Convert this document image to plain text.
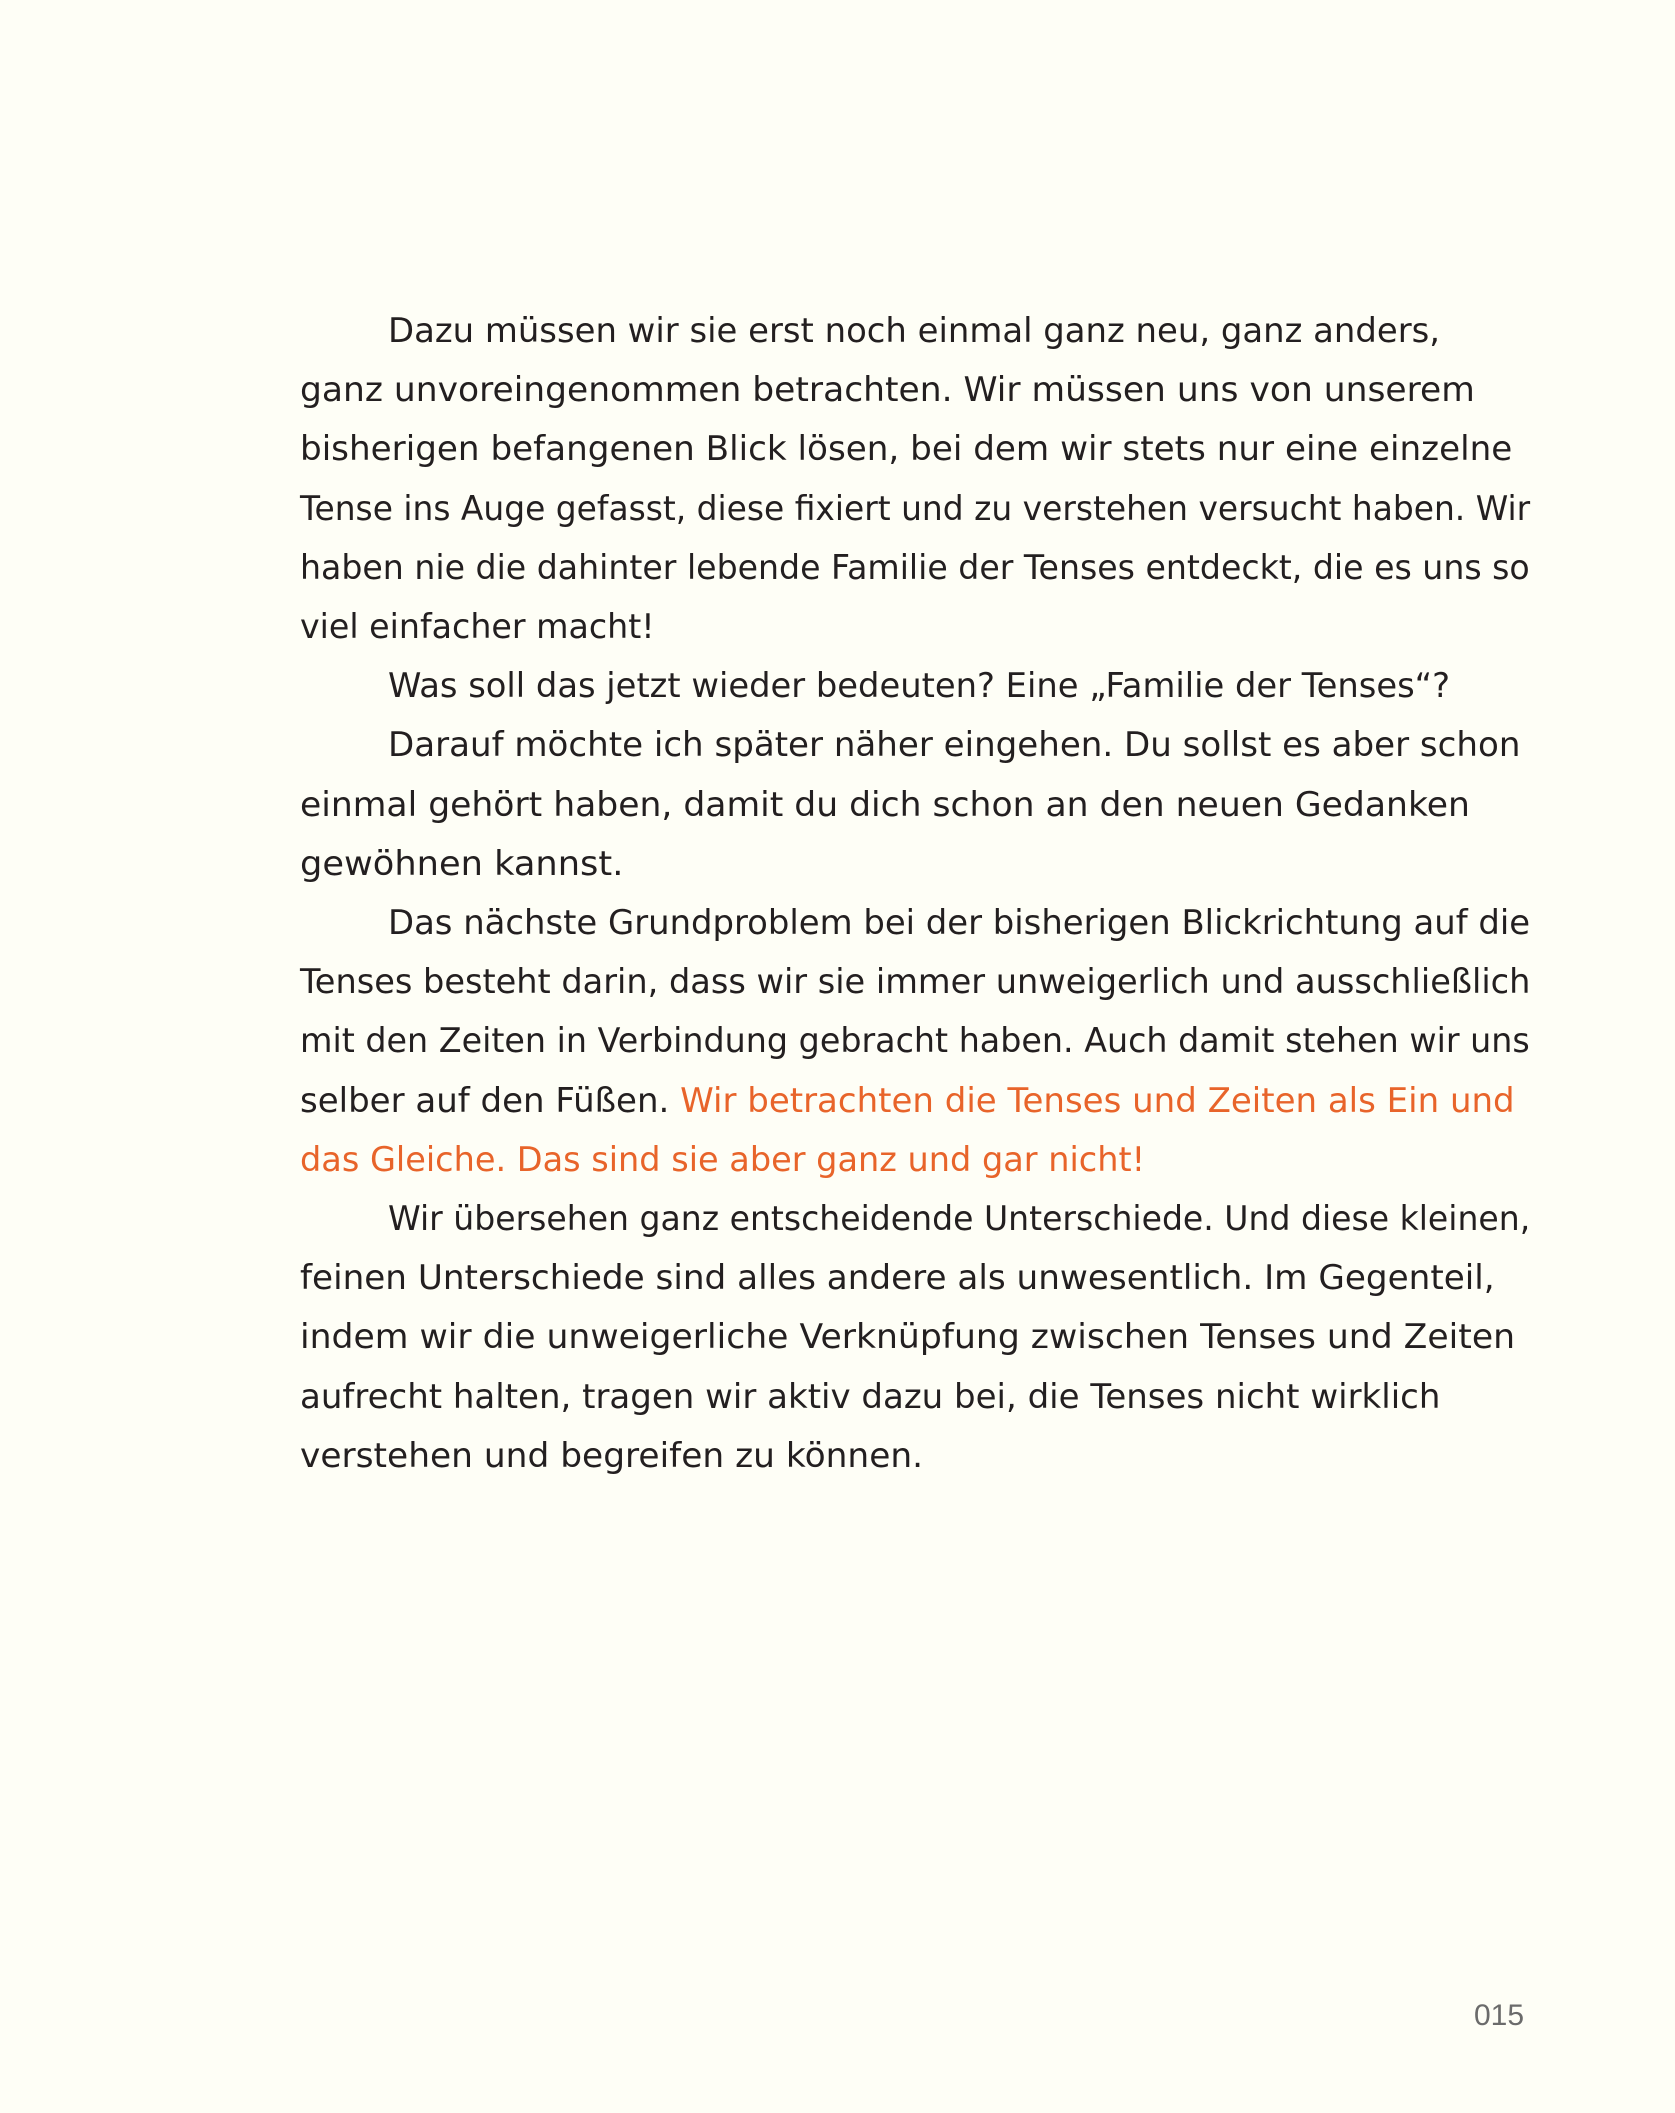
Dazu müssen wir sie erst noch einmal ganz neu, ganz anders,
ganz unvoreingenommen betrachten. Wir müssen uns von unserem
bisherigen befangenen Blick lösen, bei dem wir stets nur eine einzelne
Tense ins Auge gefasst, diese fixiert und zu verstehen versucht haben. Wir
haben nie die dahinter lebende Familie der Tenses entdeckt, die es uns so
viel einfacher macht!
Was soll das jetzt wieder bedeuten? Eine „Familie der Tenses“?
Darauf möchte ich später näher eingehen. Du sollst es aber schon
einmal gehört haben, damit du dich schon an den neuen Gedanken
gewöhnen kannst.
Das nächste Grundproblem bei der bisherigen Blickrichtung auf die
Tenses besteht darin, dass wir sie immer unweigerlich und ausschließlich
mit den Zeiten in Verbindung gebracht haben. Auch damit stehen wir uns
selber auf den Füßen. Wir betrachten die Tenses und Zeiten als Ein und
das Gleiche. Das sind sie aber ganz und gar nicht!
Wir übersehen ganz entscheidende Unterschiede. Und diese kleinen,
feinen Unterschiede sind alles andere als unwesentlich. Im Gegenteil,
indem wir die unweigerliche Verknüpfung zwischen Tenses und Zeiten
aufrecht halten, tragen wir aktiv dazu bei, die Tenses nicht wirklich
verstehen und begreifen zu können.
015
